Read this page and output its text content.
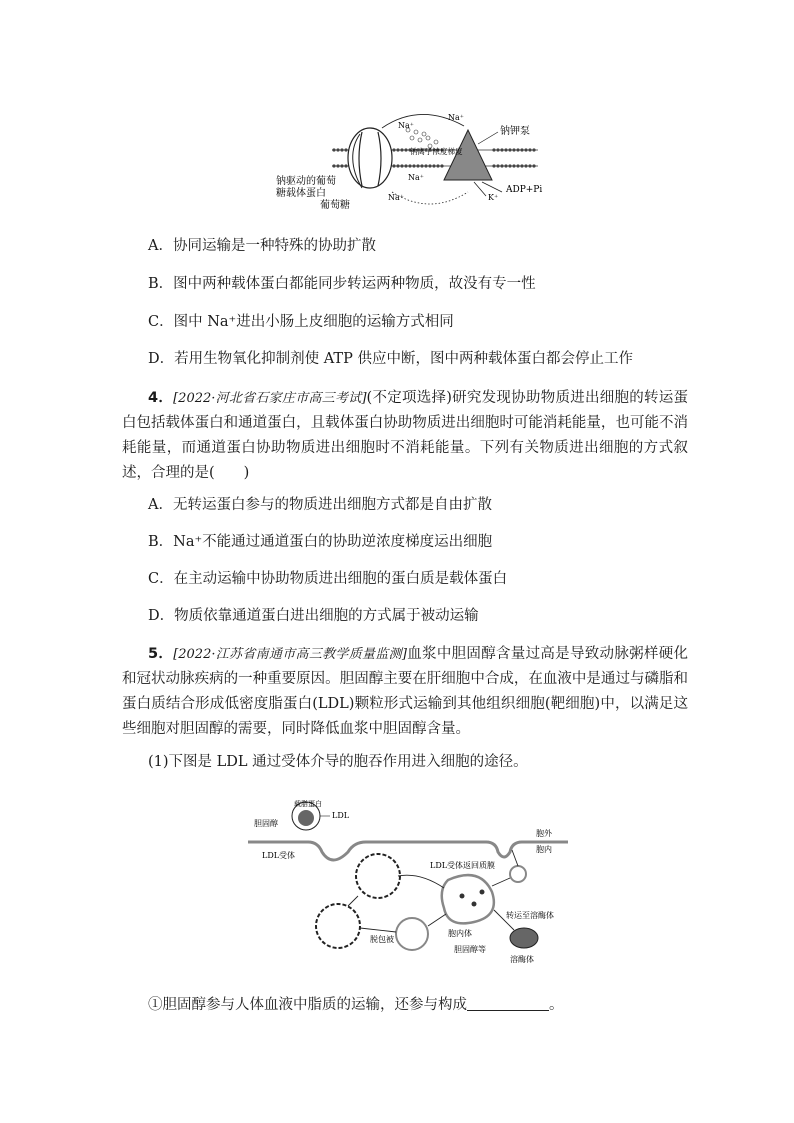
Na⁺
Na⁺
钠离子浓度梯度
Na⁺
Na⁺
钠钾泵
钠驱动的葡萄
糖载体蛋白
葡萄糖
ADP+Pi
K⁺
A．协同运输是一种特殊的协助扩散
B．图中两种载体蛋白都能同步转运两种物质，故没有专一性
C．图中 Na⁺进出小肠上皮细胞的运输方式相同
D．若用生物氧化抑制剂使 ATP 供应中断，图中两种载体蛋白都会停止工作
4．[2022·河北省石家庄市高三考试](不定项选择)研究发现协助物质进出细胞的转运蛋白包括载体蛋白和通道蛋白，且载体蛋白协助物质进出细胞时可能消耗能量，也可能不消耗能量，而通道蛋白协助物质进出细胞时不消耗能量。下列有关物质进出细胞的方式叙述，合理的是(　　)
A．无转运蛋白参与的物质进出细胞方式都是自由扩散
B．Na⁺不能通过通道蛋白的协助逆浓度梯度运出细胞
C．在主动运输中协助物质进出细胞的蛋白质是载体蛋白
D．物质依靠通道蛋白进出细胞的方式属于被动运输
5．[2022·江苏省南通市高三教学质量监测]血浆中胆固醇含量过高是导致动脉粥样硬化和冠状动脉疾病的一种重要原因。胆固醇主要在肝细胞中合成，在血液中是通过与磷脂和蛋白质结合形成低密度脂蛋白(LDL)颗粒形式运输到其他组织细胞(靶细胞)中，以满足这些细胞对胆固醇的需要，同时降低血浆中胆固醇含量。
(1)下图是 LDL 通过受体介导的胞吞作用进入细胞的途径。
载脂蛋白
LDL
胆固醇
LDL受体
胞外
胞内
脱包被
胞内体
LDL受体返回质膜
转运至溶酶体
胆固醇等
溶酶体
①胆固醇参与人体血液中脂质的运输，还参与构成	。
